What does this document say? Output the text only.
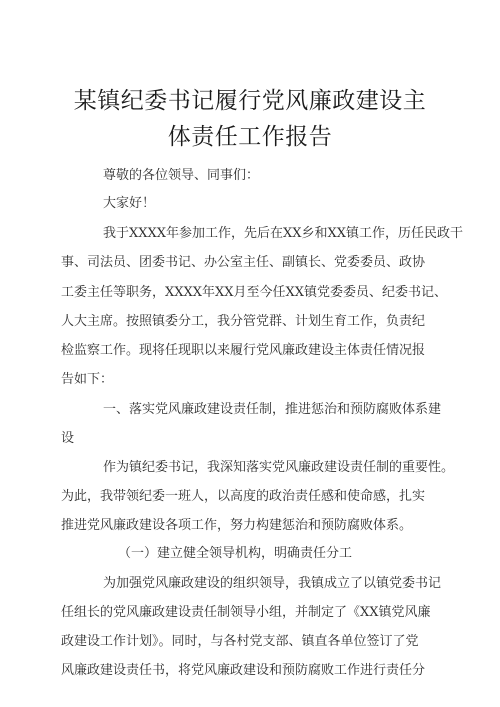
某镇纪委书记履行党风廉政建设主
体责任工作报告
尊敬的各位领导、同事们：
大家好！
我于XXXX年参加工作，先后在XX乡和XX镇工作，历任民政干
事、司法员、团委书记、办公室主任、副镇长、党委委员、政协
工委主任等职务，XXXX年XX月至今任XX镇党委委员、纪委书记、
人大主席。按照镇委分工，我分管党群、计划生育工作，负责纪
检监察工作。现将任现职以来履行党风廉政建设主体责任情况报
告如下：
一、落实党风廉政建设责任制，推进惩治和预防腐败体系建
设
作为镇纪委书记，我深知落实党风廉政建设责任制的重要性。
为此，我带领纪委一班人，以高度的政治责任感和使命感，扎实
推进党风廉政建设各项工作，努力构建惩治和预防腐败体系。
（一）建立健全领导机构，明确责任分工
为加强党风廉政建设的组织领导，我镇成立了以镇党委书记
任组长的党风廉政建设责任制领导小组，并制定了《XX镇党风廉
政建设工作计划》。同时，与各村党支部、镇直各单位签订了党
风廉政建设责任书，将党风廉政建设和预防腐败工作进行责任分
